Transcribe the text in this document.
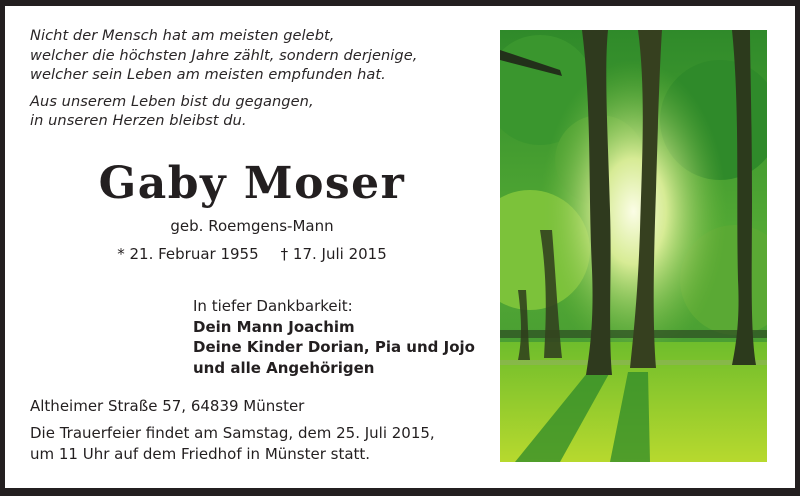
Nicht der Mensch hat am meisten gelebt,
welcher die höchsten Jahre zählt, sondern derjenige,
welcher sein Leben am meisten empfunden hat.

Aus unserem Leben bist du gegangen,
in unseren Herzen bleibst du.

Gaby Moser
geb. Roemgens-Mann
* 21. Februar 1955 † 17. Juli 2015
In tiefer Dankbarkeit:
Dein Mann Joachim
Deine Kinder Dorian, Pia und Jojo
und alle Angehörigen
Altheimer Straße 57, 64839 Münster
Die Trauerfeier findet am Samstag, dem 25. Juli 2015,
um 11 Uhr auf dem Friedhof in Münster statt.
